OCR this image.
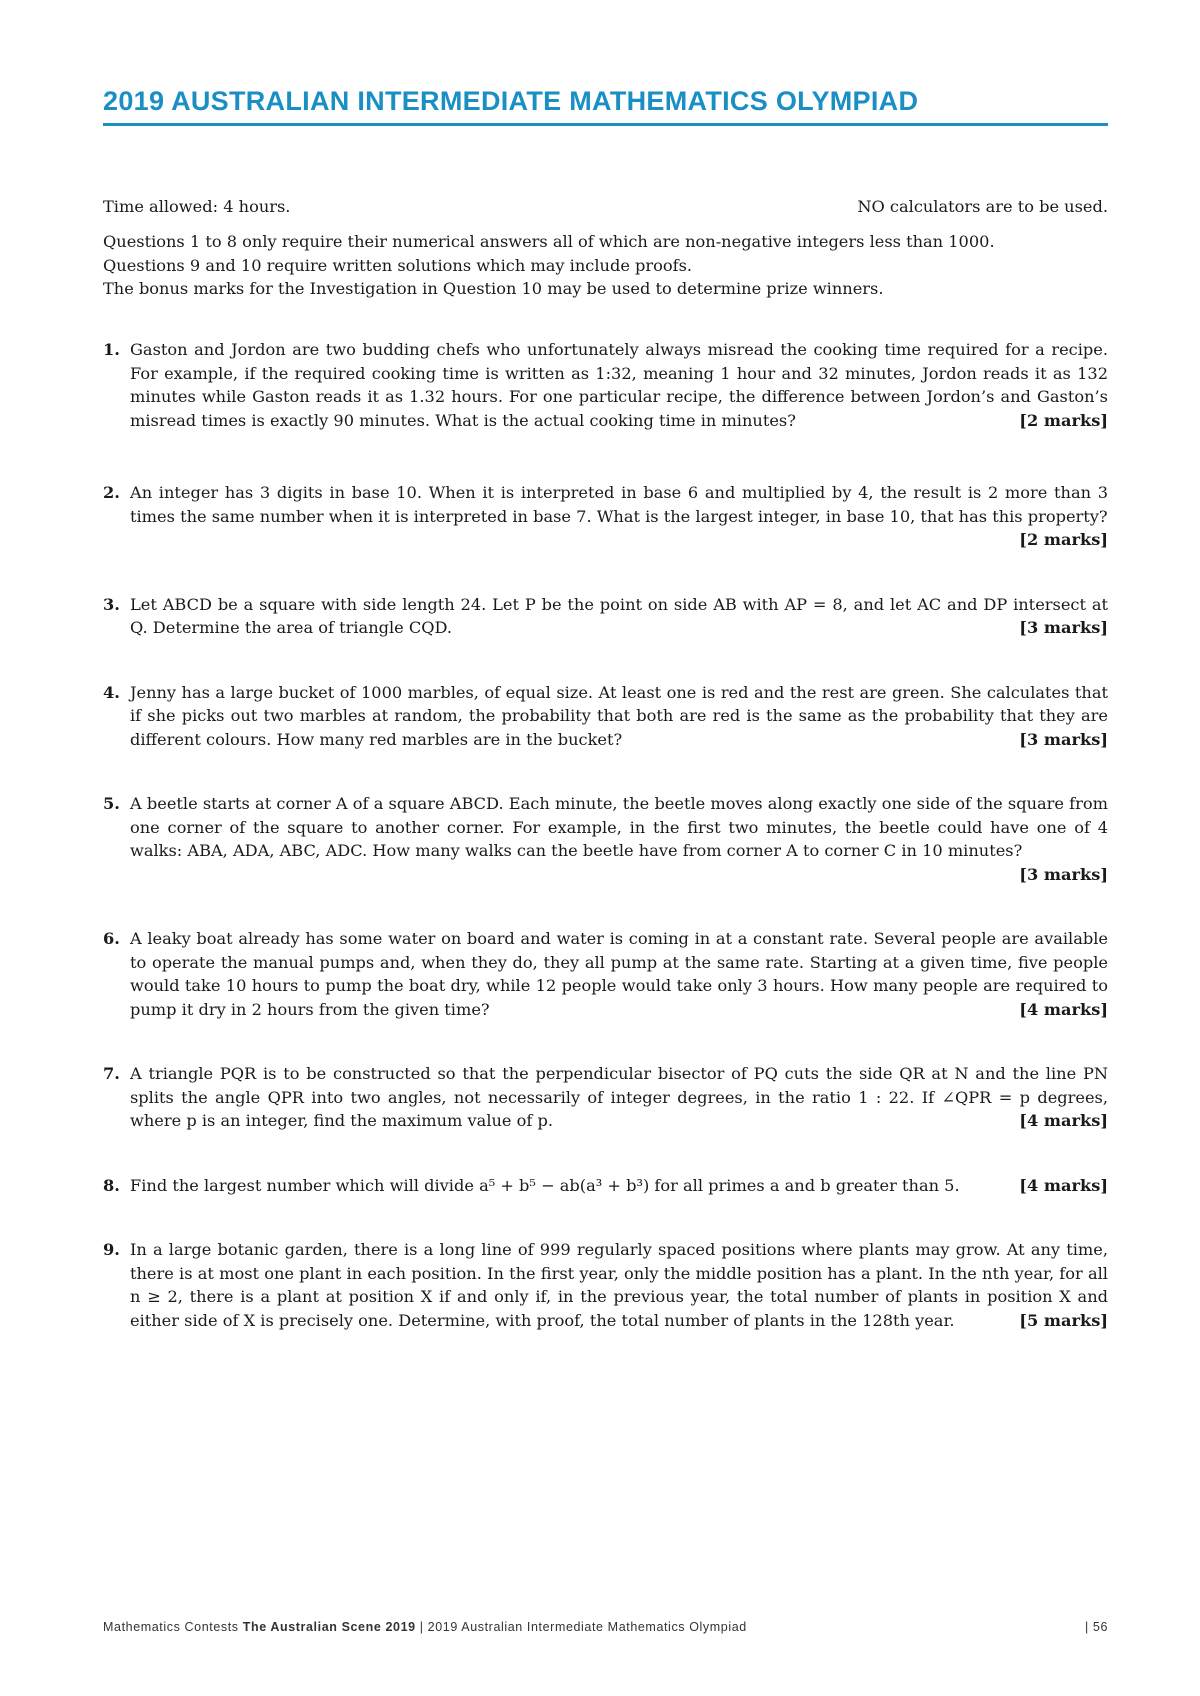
2019 AUSTRALIAN INTERMEDIATE MATHEMATICS OLYMPIAD
Time allowed: 4 hours.	NO calculators are to be used.

Questions 1 to 8 only require their numerical answers all of which are non-negative integers less than 1000.

Questions 9 and 10 require written solutions which may include proofs.

The bonus marks for the Investigation in Question 10 may be used to determine prize winners.

1. Gaston and Jordon are two budding chefs who unfortunately always misread the cooking time required for a recipe. For example, if the required cooking time is written as 1:32, meaning 1 hour and 32 minutes, Jordon reads it as 132 minutes while Gaston reads it as 1.32 hours. For one particular recipe, the difference between Jordon’s and Gaston’s misread times is exactly 90 minutes. What is the actual cooking time in minutes?	[2 marks]
2. An integer has 3 digits in base 10. When it is interpreted in base 6 and multiplied by 4, the result is 2 more than 3 times the same number when it is interpreted in base 7. What is the largest integer, in base 10, that has this property?
[2 marks]
3. Let ABCD be a square with side length 24. Let P be the point on side AB with AP = 8, and let AC and DP intersect at Q. Determine the area of triangle CQD.	[3 marks]
4. Jenny has a large bucket of 1000 marbles, of equal size. At least one is red and the rest are green. She calculates that if she picks out two marbles at random, the probability that both are red is the same as the probability that they are different colours. How many red marbles are in the bucket?	[3 marks]
5. A beetle starts at corner A of a square ABCD. Each minute, the beetle moves along exactly one side of the square from one corner of the square to another corner. For example, in the first two minutes, the beetle could have one of 4 walks: ABA, ADA, ABC, ADC. How many walks can the beetle have from corner A to corner C in 10 minutes?
[3 marks]
6. A leaky boat already has some water on board and water is coming in at a constant rate. Several people are available to operate the manual pumps and, when they do, they all pump at the same rate. Starting at a given time, five people would take 10 hours to pump the boat dry, while 12 people would take only 3 hours. How many people are required to pump it dry in 2 hours from the given time?	[4 marks]
7. A triangle PQR is to be constructed so that the perpendicular bisector of PQ cuts the side QR at N and the line PN splits the angle QPR into two angles, not necessarily of integer degrees, in the ratio 1 : 22. If ∠QPR = p degrees, where p is an integer, find the maximum value of p.	[4 marks]
8. Find the largest number which will divide a⁵ + b⁵ − ab(a³ + b³) for all primes a and b greater than 5.	[4 marks]
9. In a large botanic garden, there is a long line of 999 regularly spaced positions where plants may grow. At any time, there is at most one plant in each position. In the first year, only the middle position has a plant. In the nth year, for all n ≥ 2, there is a plant at position X if and only if, in the previous year, the total number of plants in position X and either side of X is precisely one. Determine, with proof, the total number of plants in the 128th year.	[5 marks]
Mathematics Contests The Australian Scene 2019 | 2019 Australian Intermediate Mathematics Olympiad	| 56
